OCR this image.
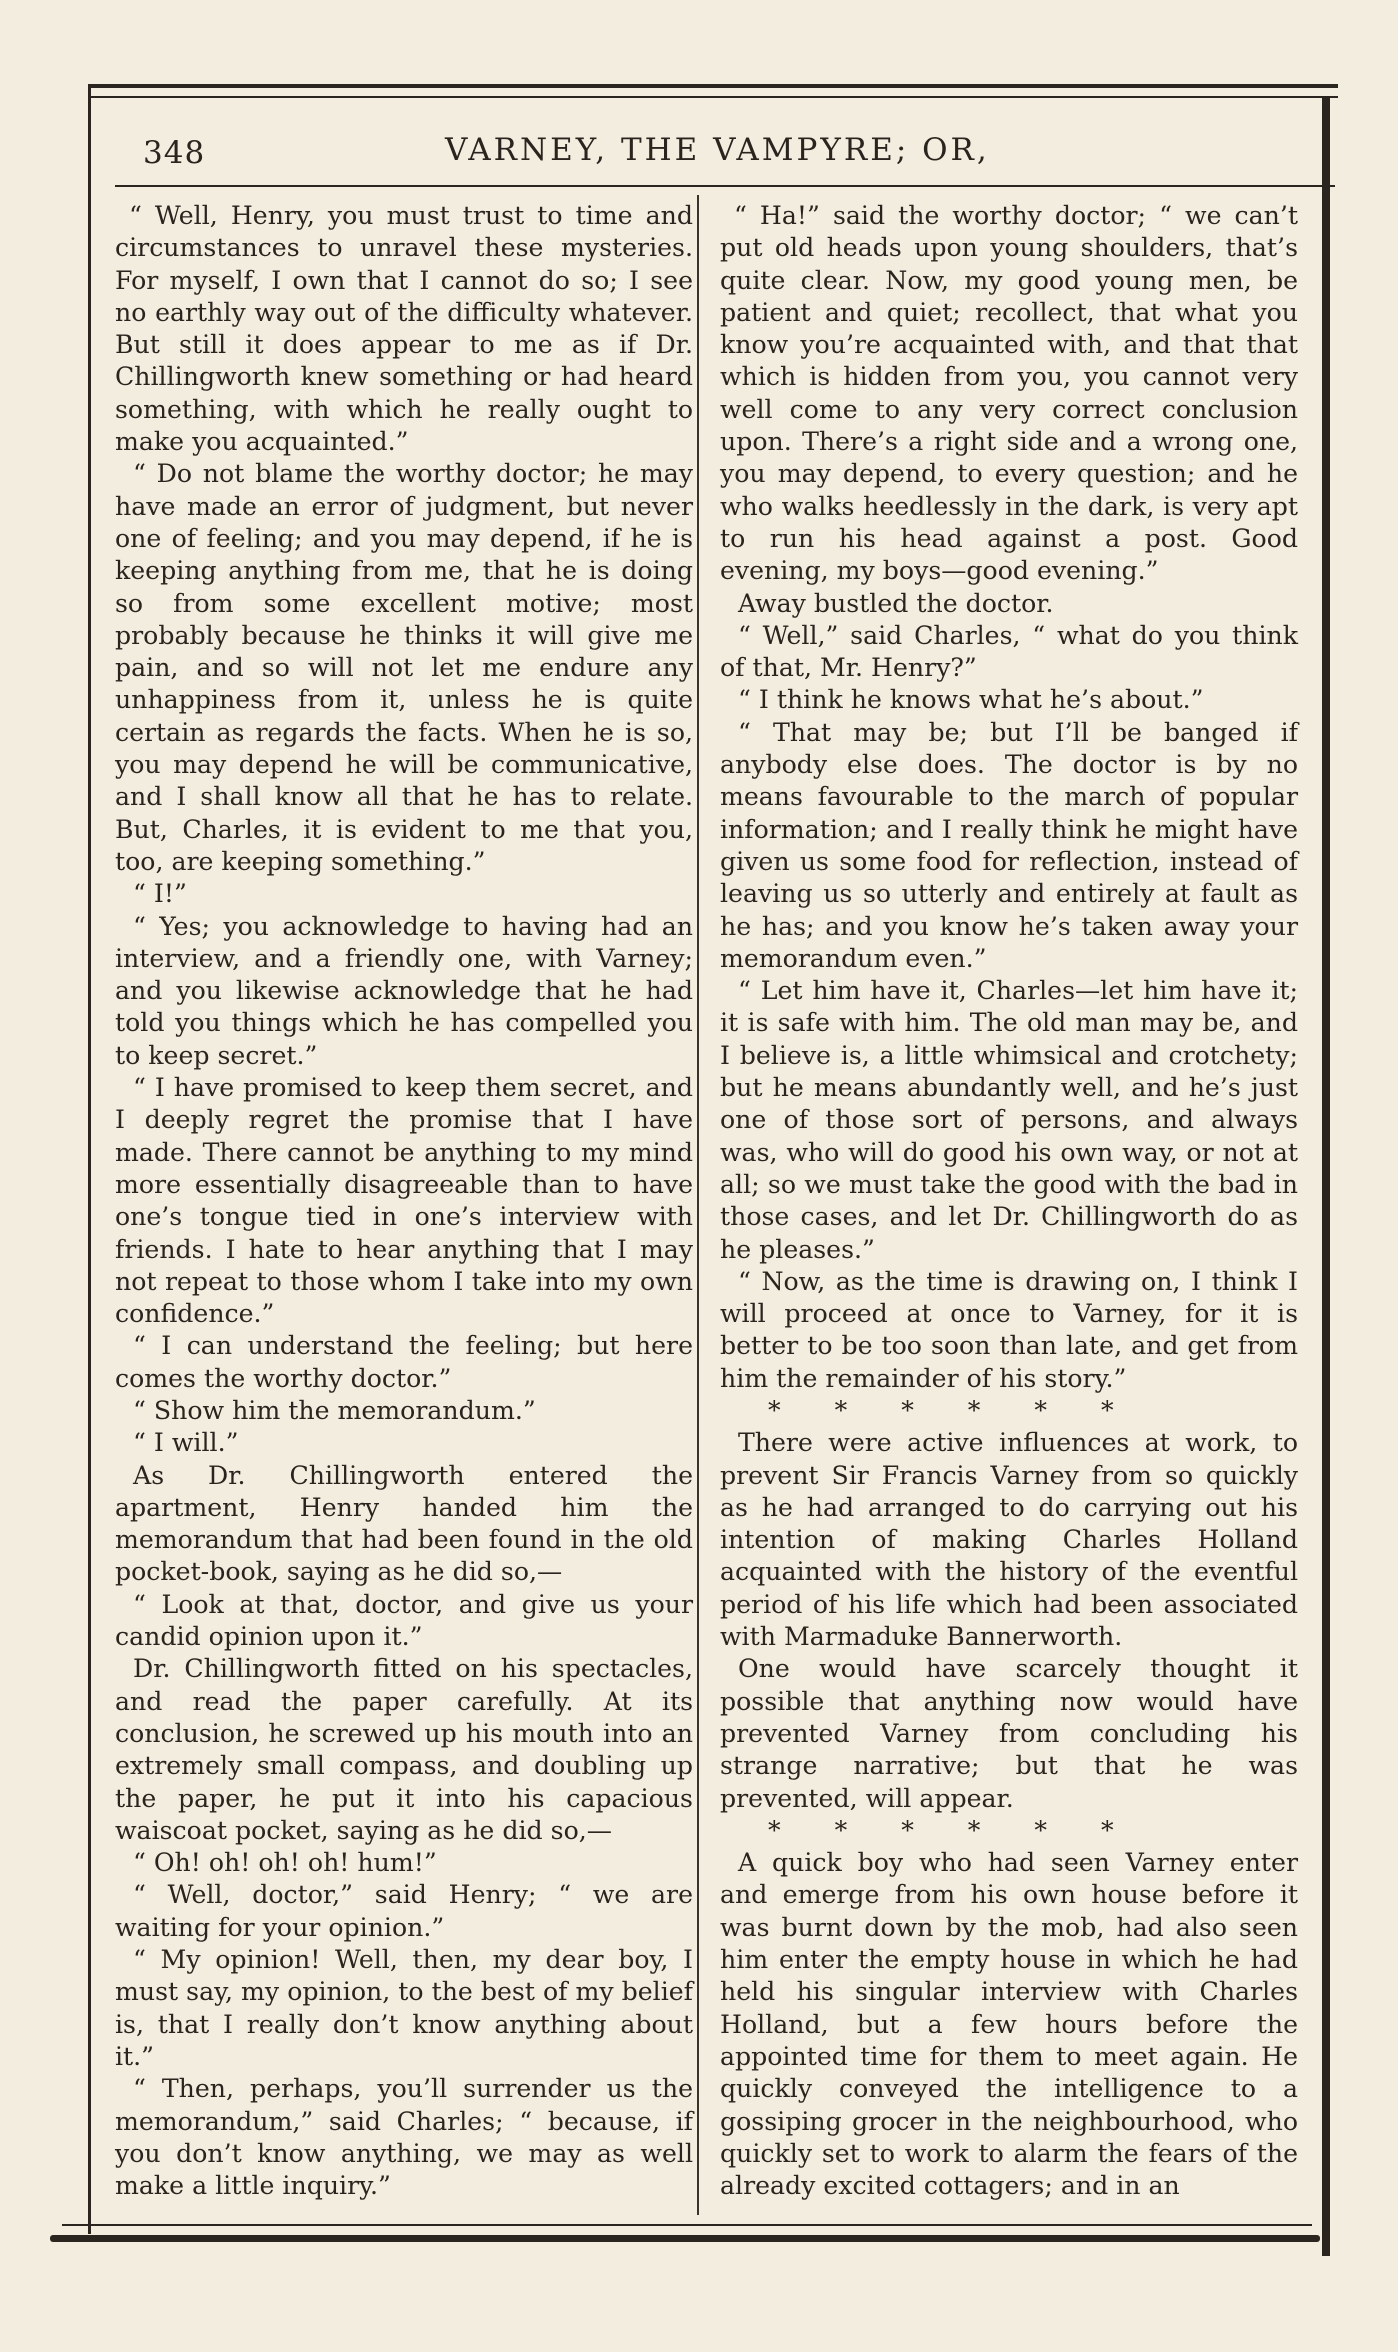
348	VARNEY, THE VAMPYRE; OR,

“ Well, Henry, you must trust to time and circumstances to unravel these mysteries. For myself, I own that I cannot do so; I see no earthly way out of the difficulty whatever. But still it does appear to me as if Dr. Chillingworth knew something or had heard something, with which he really ought to make you acquainted.”

“ Do not blame the worthy doctor; he may have made an error of judgment, but never one of feeling; and you may depend, if he is keeping anything from me, that he is doing so from some excellent motive; most probably because he thinks it will give me pain, and so will not let me endure any unhappiness from it, unless he is quite certain as regards the facts. When he is so, you may depend he will be communicative, and I shall know all that he has to relate. But, Charles, it is evident to me that you, too, are keeping something.”

“ I!”

“ Yes; you acknowledge to having had an interview, and a friendly one, with Varney; and you likewise acknowledge that he had told you things which he has compelled you to keep secret.”

“ I have promised to keep them secret, and I deeply regret the promise that I have made. There cannot be anything to my mind more essentially disagreeable than to have one’s tongue tied in one’s interview with friends. I hate to hear anything that I may not repeat to those whom I take into my own confidence.”

“ I can understand the feeling; but here comes the worthy doctor.”

“ Show him the memorandum.”

“ I will.”

As Dr. Chillingworth entered the apartment, Henry handed him the memorandum that had been found in the old pocket-book, saying as he did so,—

“ Look at that, doctor, and give us your candid opinion upon it.”

Dr. Chillingworth fitted on his spectacles, and read the paper carefully. At its conclusion, he screwed up his mouth into an extremely small compass, and doubling up the paper, he put it into his capacious waiscoat pocket, saying as he did so,—

“ Oh! oh! oh! oh! hum!”

“ Well, doctor,” said Henry; “ we are waiting for your opinion.”

“ My opinion! Well, then, my dear boy, I must say, my opinion, to the best of my belief is, that I really don’t know anything about it.”

“ Then, perhaps, you’ll surrender us the memorandum,” said Charles; “ because, if you don’t know anything, we may as well make a little inquiry.”

“ Ha!” said the worthy doctor; “ we can’t put old heads upon young shoulders, that’s quite clear. Now, my good young men, be patient and quiet; recollect, that what you know you’re acquainted with, and that that which is hidden from you, you cannot very well come to any very correct conclusion upon. There’s a right side and a wrong one, you may depend, to every question; and he who walks heedlessly in the dark, is very apt to run his head against a post. Good evening, my boys—good evening.”

Away bustled the doctor.

“ Well,” said Charles, “ what do you think of that, Mr. Henry?”

“ I think he knows what he’s about.”

“ That may be; but I’ll be banged if anybody else does. The doctor is by no means favourable to the march of popular information; and I really think he might have given us some food for reflection, instead of leaving us so utterly and entirely at fault as he has; and you know he’s taken away your memorandum even.”

“ Let him have it, Charles—let him have it; it is safe with him. The old man may be, and I believe is, a little whimsical and crotchety; but he means abundantly well, and he’s just one of those sort of persons, and always was, who will do good his own way, or not at all; so we must take the good with the bad in those cases, and let Dr. Chillingworth do as he pleases.”

“ Now, as the time is drawing on, I think I will proceed at once to Varney, for it is better to be too soon than late, and get from him the remainder of his story.”

* * * * * *

There were active influences at work, to prevent Sir Francis Varney from so quickly as he had arranged to do carrying out his intention of making Charles Holland acquainted with the history of the eventful period of his life which had been associated with Marmaduke Bannerworth.

One would have scarcely thought it possible that anything now would have prevented Varney from concluding his strange narrative; but that he was prevented, will appear.

* * * * * *

A quick boy who had seen Varney enter and emerge from his own house before it was burnt down by the mob, had also seen him enter the empty house in which he had held his singular interview with Charles Holland, but a few hours before the appointed time for them to meet again. He quickly conveyed the intelligence to a gossiping grocer in the neighbourhood, who quickly set to work to alarm the fears of the already excited cottagers; and in an
